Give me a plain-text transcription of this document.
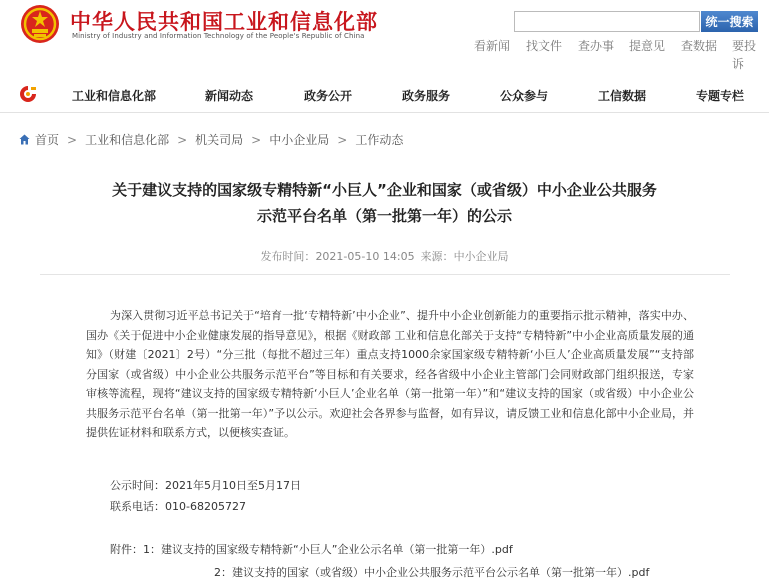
中华人民共和国工业和信息化部
Ministry of Industry and Information Technology of the People's Republic of China
统一搜索
看新闻 找文件 查办事 提意见 查数据 要投诉
工业和信息化部	新闻动态	政务公开	政务服务	公众参与	工信数据	专题专栏
首页 > 工业和信息化部 > 机关司局 > 中小企业局 > 工作动态
关于建议支持的国家级专精特新“小巨人”企业和国家（或省级）中小企业公共服务
示范平台名单（第一批第一年）的公示
发布时间：2021-05-10 14:05 来源：中小企业局
为深入贯彻习近平总书记关于“培育一批‘专精特新’中小企业”、提升中小企业创新能力的重要指示批示精神，落实中办、国办《关于促进中小企业健康发展的指导意见》，根据《财政部 工业和信息化部关于支持“专精特新”中小企业高质量发展的通知》（财建〔2021〕2号）“分三批（每批不超过三年）重点支持1000余家国家级专精特新‘小巨人’企业高质量发展”“支持部分国家（或省级）中小企业公共服务示范平台”等目标和有关要求，经各省级中小企业主管部门会同财政部门组织报送，专家审核等流程，现将“建议支持的国家级专精特新‘小巨人’企业名单（第一批第一年）”和“建议支持的国家（或省级）中小企业公共服务示范平台名单（第一批第一年）”予以公示。欢迎社会各界参与监督，如有异议，请反馈工业和信息化部中小企业局，并提供佐证材料和联系方式，以便核实查证。
公示时间：2021年5月10日至5月17日
联系电话：010-68205727
附件：1：建议支持的国家级专精特新“小巨人”企业公示名单（第一批第一年）.pdf
2：建议支持的国家（或省级）中小企业公共服务示范平台公示名单（第一批第一年）.pdf
